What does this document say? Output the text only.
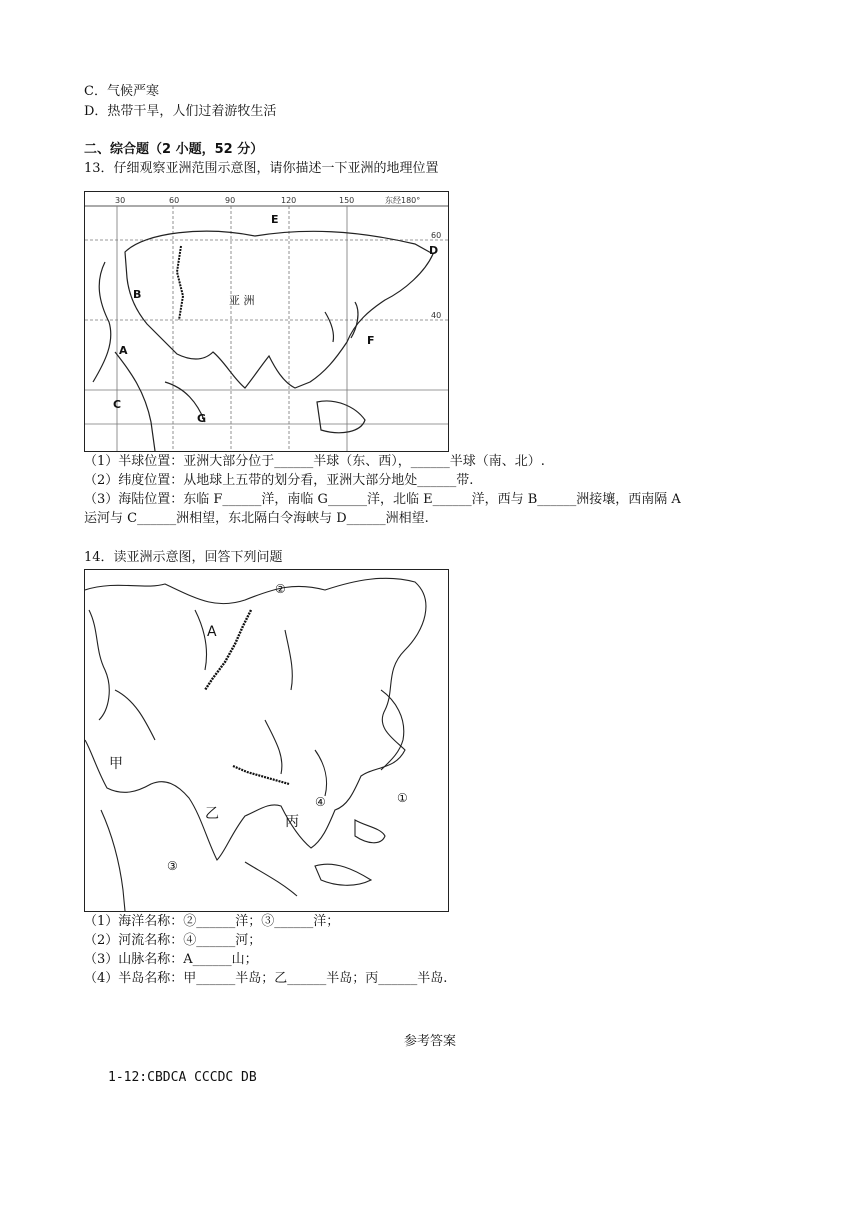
C．气候严寒
D．热带干旱，人们过着游牧生活
二、综合题（2 小题，52 分）
13．仔细观察亚洲范围示意图，请你描述一下亚洲的地理位置
30	60	90	120	150	东经180°
60
40
E
D
B	亚 洲
A
F
C
G
（1）半球位置：亚洲大部分位于______半球（东、西），______半球（南、北）.
（2）纬度位置：从地球上五带的划分看，亚洲大部分地处______带.
（3）海陆位置：东临 F______洋，南临 G______洋，北临 E______洋，西与 B______洲接壤，西南隔 A
运河与 C______洲相望，东北隔白令海峡与 D______洲相望.
14．读亚洲示意图，回答下列问题
②
A
甲
④	①
乙	丙
③
（1）海洋名称：②______洋；③______洋；
（2）河流名称：④______河；
（3）山脉名称：A______山；
（4）半岛名称：甲______半岛；乙______半岛；丙______半岛.
参考答案
1-12:CBDCA CCCDC DB
